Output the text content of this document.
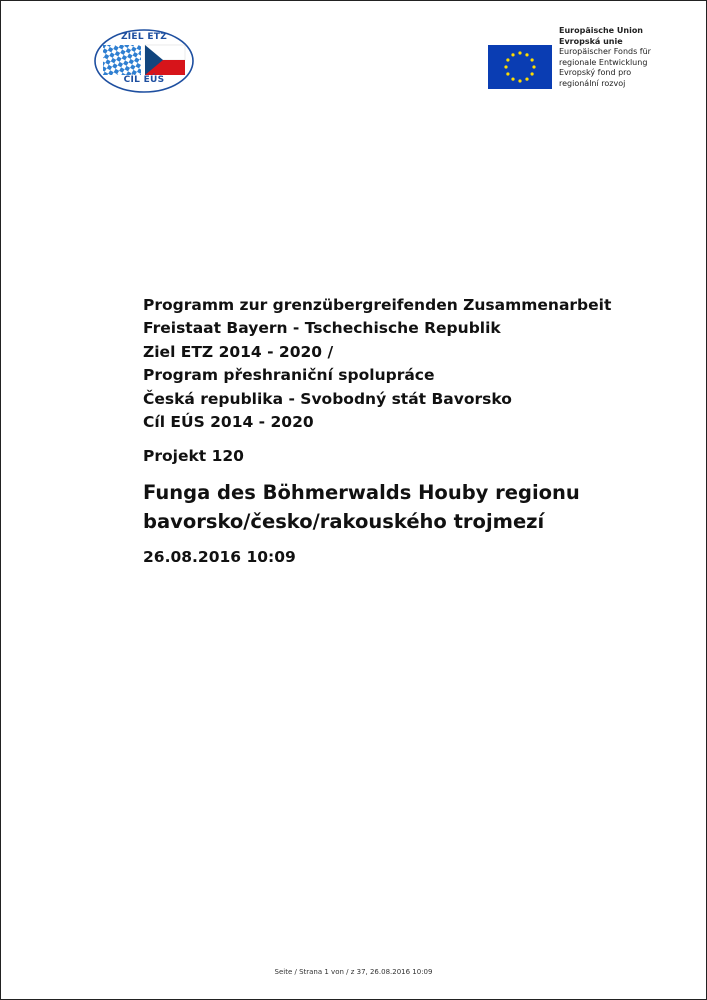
ZIEL ETZ
CÍL EÚS
Europäische Union
Evropská unie
Europäischer Fonds für
regionale Entwicklung
Evropský fond pro
regionální rozvoj
Programm zur grenzübergreifenden Zusammenarbeit
Freistaat Bayern - Tschechische Republik
Ziel ETZ 2014 - 2020 /
Program přeshraniční spolupráce
Česká republika - Svobodný stát Bavorsko
Cíl EÚS 2014 - 2020
Projekt 120
Funga des Böhmerwalds Houby regionu
bavorsko/česko/rakouského trojmezí
26.08.2016 10:09
Seite / Strana 1 von / z 37, 26.08.2016 10:09
